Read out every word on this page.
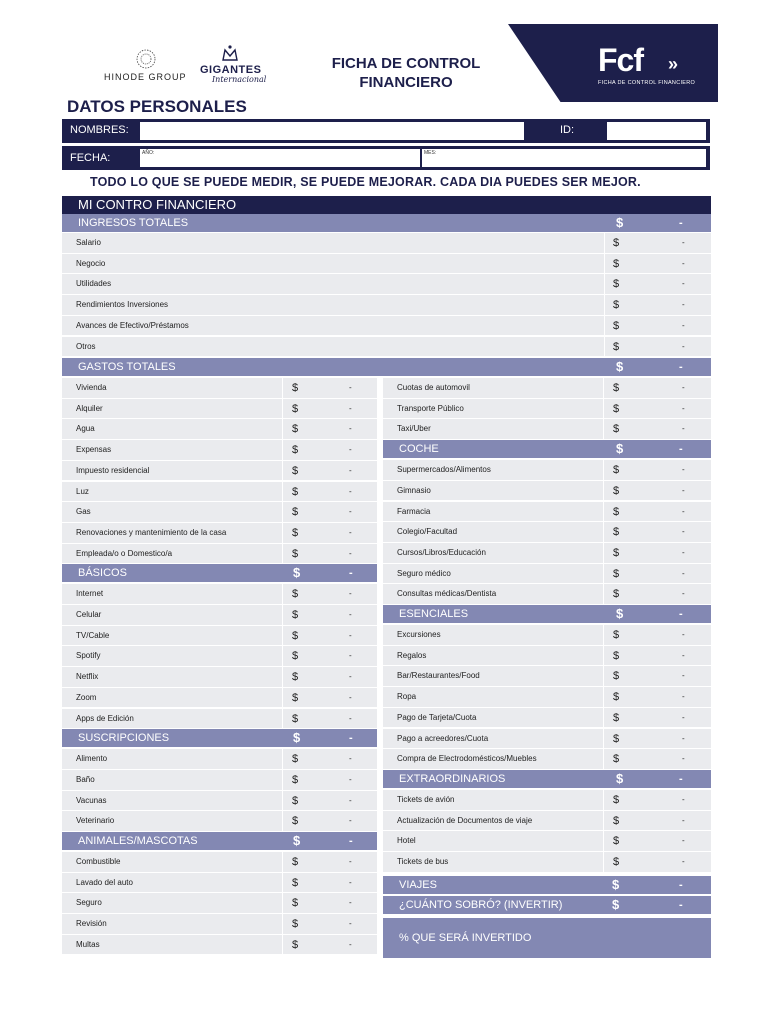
HINODE GROUP
GIGANTES
Internacional
FICHA DE CONTROL
FINANCIERO
Fcf »
FICHA DE CONTROL FINANCIERO
DATOS PERSONALES
NOMBRES:	ID:
FECHA:	AÑO:	MES:
TODO LO QUE SE PUEDE MEDIR, SE PUEDE MEJORAR. CADA DIA PUEDES SER MEJOR.
MI CONTRO FINANCIERO
INGRESOS TOTALES	$	-
Salario	$	-
Negocio	$	-
Utilidades	$	-
Rendimientos Inversiones	$	-
Avances de Efectivo/Préstamos	$	-
Otros	$	-
GASTOS TOTALES	$	-
Vivienda	$	-
Alquiler	$	-
Agua	$	-
Expensas	$	-
Impuesto residencial	$	-
Luz	$	-
Gas	$	-
Renovaciones y mantenimiento de la casa	$	-
Empleada/o o Domestico/a	$	-
BÁSICOS	$	-
Internet	$	-
Celular	$	-
TV/Cable	$	-
Spotify	$	-
Netflix	$	-
Zoom	$	-
Apps de Edición	$	-
SUSCRIPCIONES	$	-
Alimento	$	-
Baño	$	-
Vacunas	$	-
Veterinario	$	-
ANIMALES/MASCOTAS	$	-
Combustible	$	-
Lavado del auto	$	-
Seguro	$	-
Revisión	$	-
Multas	$	-
Cuotas de automovil	$	-
Transporte Público	$	-
Taxi/Uber	$	-
COCHE	$	-
Supermercados/Alimentos	$	-
Gimnasio	$	-
Farmacia	$	-
Colegio/Facultad	$	-
Cursos/Libros/Educación	$	-
Seguro médico	$	-
Consultas médicas/Dentista	$	-
ESENCIALES	$	-
Excursiones	$	-
Regalos	$	-
Bar/Restaurantes/Food	$	-
Ropa	$	-
Pago de Tarjeta/Cuota	$	-
Pago a acreedores/Cuota	$	-
Compra de Electrodomésticos/Muebles	$	-
EXTRAORDINARIOS	$	-
Tickets de avión	$	-
Actualización de Documentos de viaje	$	-
Hotel	$	-
Tickets de bus	$	-
VIAJES	$	-
¿CUÁNTO SOBRÓ? (INVERTIR)	$	-
% QUE SERÁ INVERTIDO
